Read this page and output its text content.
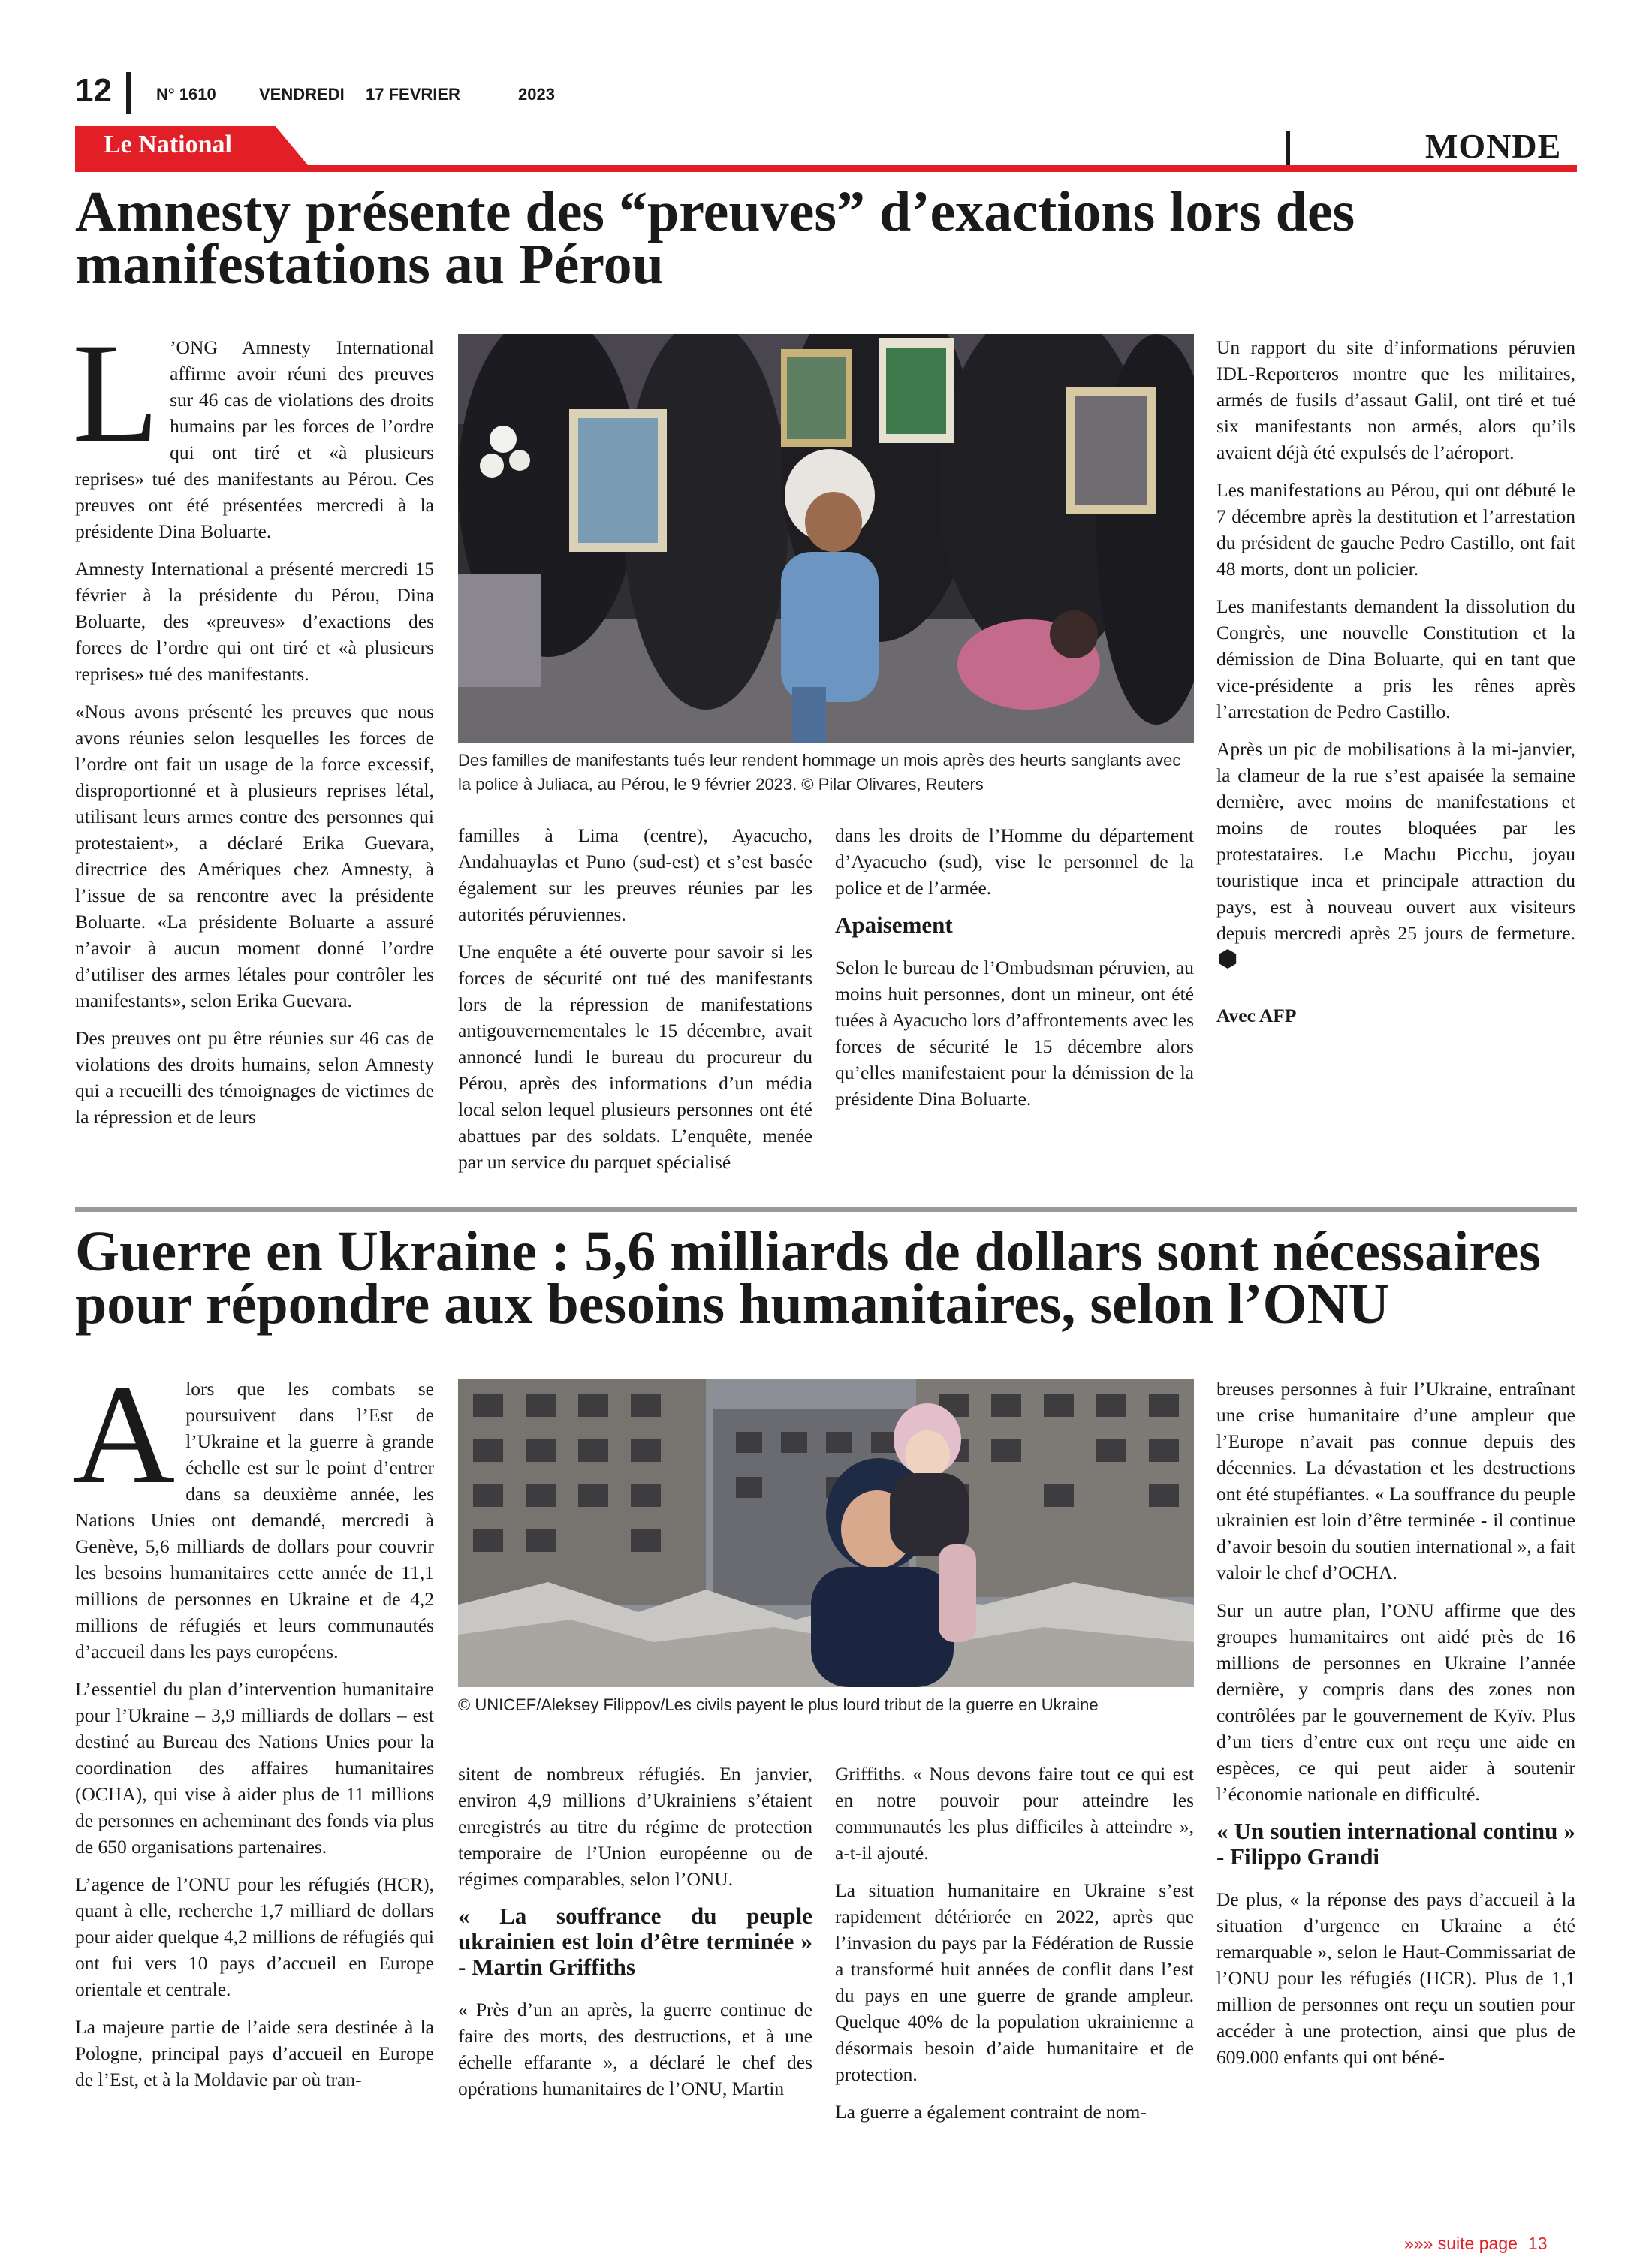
12	N° 1610	VENDREDI 17 FEVRIER	2023
Le National	MONDE
Amnesty présente des “preuves” d’exactions lors des manifestations au Pérou

L ’ONG Amnesty International affirme avoir réuni des preuves sur 46 cas de violations des droits humains par les forces de l’ordre qui ont tiré et «à plusieurs reprises» tué des manifestants au Pérou. Ces preuves ont été présentées mercredi à la présidente Dina Boluarte.

Amnesty International a présenté mercredi 15 février à la présidente du Pérou, Dina Boluarte, des «preuves» d’exactions des forces de l’ordre qui ont tiré et «à plusieurs reprises» tué des manifestants.

«Nous avons présenté les preuves que nous avons réunies selon lesquelles les forces de l’ordre ont fait un usage de la force excessif, disproportionné et à plusieurs reprises létal, utilisant leurs armes contre des personnes qui protestaient», a déclaré Erika Guevara, directrice des Amériques chez Amnesty, à l’issue de sa rencontre avec la présidente Boluarte. «La présidente Boluarte a assuré n’avoir à aucun moment donné l’ordre d’utiliser des armes létales pour contrôler les manifestants», selon Erika Guevara.

Des preuves ont pu être réunies sur 46 cas de violations des droits humains, selon Amnesty qui a recueilli des témoignages de victimes de la répression et de leurs

Des familles de manifestants tués leur rendent hommage un mois après des heurts sanglants avec la police à Juliaca, au Pérou, le 9 février 2023. © Pilar Olivares, Reuters

familles à Lima (centre), Ayacucho, Andahuaylas et Puno (sud-est) et s’est basée également sur les preuves réunies par les autorités péruviennes.

Une enquête a été ouverte pour savoir si les forces de sécurité ont tué des manifestants lors de la répression de manifestations antigouvernementales le 15 décembre, avait annoncé lundi le bureau du procureur du Pérou, après des informations d’un média local selon lequel plusieurs personnes ont été abattues par des soldats. L’enquête, menée par un service du parquet spécialisé

dans les droits de l’Homme du département d’Ayacucho (sud), vise le personnel de la police et de l’armée.

Apaisement

Selon le bureau de l’Ombudsman péruvien, au moins huit personnes, dont un mineur, ont été tuées à Ayacucho lors d’affrontements avec les forces de sécurité le 15 décembre alors qu’elles manifestaient pour la démission de la présidente Dina Boluarte.

Un rapport du site d’informations péruvien IDL-Reporteros montre que les militaires, armés de fusils d’assaut Galil, ont tiré et tué six manifestants non armés, alors qu’ils avaient déjà été expulsés de l’aéroport.

Les manifestations au Pérou, qui ont débuté le 7 décembre après la destitution et l’arrestation du président de gauche Pedro Castillo, ont fait 48 morts, dont un policier.

Les manifestants demandent la dissolution du Congrès, une nouvelle Constitution et la démission de Dina Boluarte, qui en tant que vice-présidente a pris les rênes après l’arrestation de Pedro Castillo.

Après un pic de mobilisations à la mi-janvier, la clameur de la rue s’est apaisée la semaine dernière, avec moins de manifestations et moins de routes bloquées par les protestataires. Le Machu Picchu, joyau touristique inca et principale attraction du pays, est à nouveau ouvert aux visiteurs depuis mercredi après 25 jours de fermeture.

Avec AFP
Guerre en Ukraine : 5,6 milliards de dollars sont nécessaires pour répondre aux besoins humanitaires, selon l’ONU

Alors que les combats se poursuivent dans l’Est de l’Ukraine et la guerre à grande échelle est sur le point d’entrer dans sa deuxième année, les Nations Unies ont demandé, mercredi à Genève, 5,6 milliards de dollars pour couvrir les besoins humanitaires cette année de 11,1 millions de personnes en Ukraine et de 4,2 millions de réfugiés et leurs communautés d’accueil dans les pays européens.

L’essentiel du plan d’intervention humanitaire pour l’Ukraine – 3,9 milliards de dollars – est destiné au Bureau des Nations Unies pour la coordination des affaires humanitaires (OCHA), qui vise à aider plus de 11 millions de personnes en acheminant des fonds via plus de 650 organisations partenaires.

L’agence de l’ONU pour les réfugiés (HCR), quant à elle, recherche 1,7 milliard de dollars pour aider quelque 4,2 millions de réfugiés qui ont fui vers 10 pays d’accueil en Europe orientale et centrale.

La majeure partie de l’aide sera destinée à la Pologne, principal pays d’accueil en Europe de l’Est, et à la Moldavie par où tran-

© UNICEF/Aleksey Filippov/Les civils payent le plus lourd tribut de la guerre en Ukraine

sitent de nombreux réfugiés. En janvier, environ 4,9 millions d’Ukrainiens s’étaient enregistrés au titre du régime de protection temporaire de l’Union européenne ou de régimes comparables, selon l’ONU.

« La souffrance du peuple ukrainien est loin d’être terminée » - Martin Griffiths

« Près d’un an après, la guerre continue de faire des morts, des destructions, et à une échelle effarante », a déclaré le chef des opérations humanitaires de l’ONU, Martin

Griffiths. « Nous devons faire tout ce qui est en notre pouvoir pour atteindre les communautés les plus difficiles à atteindre », a-t-il ajouté.

La situation humanitaire en Ukraine s’est rapidement détériorée en 2022, après que l’invasion du pays par la Fédération de Russie a transformé huit années de conflit dans l’est du pays en une guerre de grande ampleur. Quelque 40% de la population ukrainienne a désormais besoin d’aide humanitaire et de protection.

La guerre a également contraint de nom-

breuses personnes à fuir l’Ukraine, entraînant une crise humanitaire d’une ampleur que l’Europe n’avait pas connue depuis des décennies. La dévastation et les destructions ont été stupéfiantes. « La souffrance du peuple ukrainien est loin d’être terminée - il continue d’avoir besoin du soutien international », a fait valoir le chef d’OCHA.

Sur un autre plan, l’ONU affirme que des groupes humanitaires ont aidé près de 16 millions de personnes en Ukraine l’année dernière, y compris dans des zones non contrôlées par le gouvernement de Kyïv. Plus d’un tiers d’entre eux ont reçu une aide en espèces, ce qui peut aider à soutenir l’économie nationale en difficulté.

« Un soutien international continu » - Filippo Grandi

De plus, « la réponse des pays d’accueil à la situation d’urgence en Ukraine a été remarquable », selon le Haut-Commissariat de l’ONU pour les réfugiés (HCR). Plus de 1,1 million de personnes ont reçu un soutien pour accéder à une protection, ainsi que plus de 609.000 enfants qui ont béné-

»»» suite page 13
